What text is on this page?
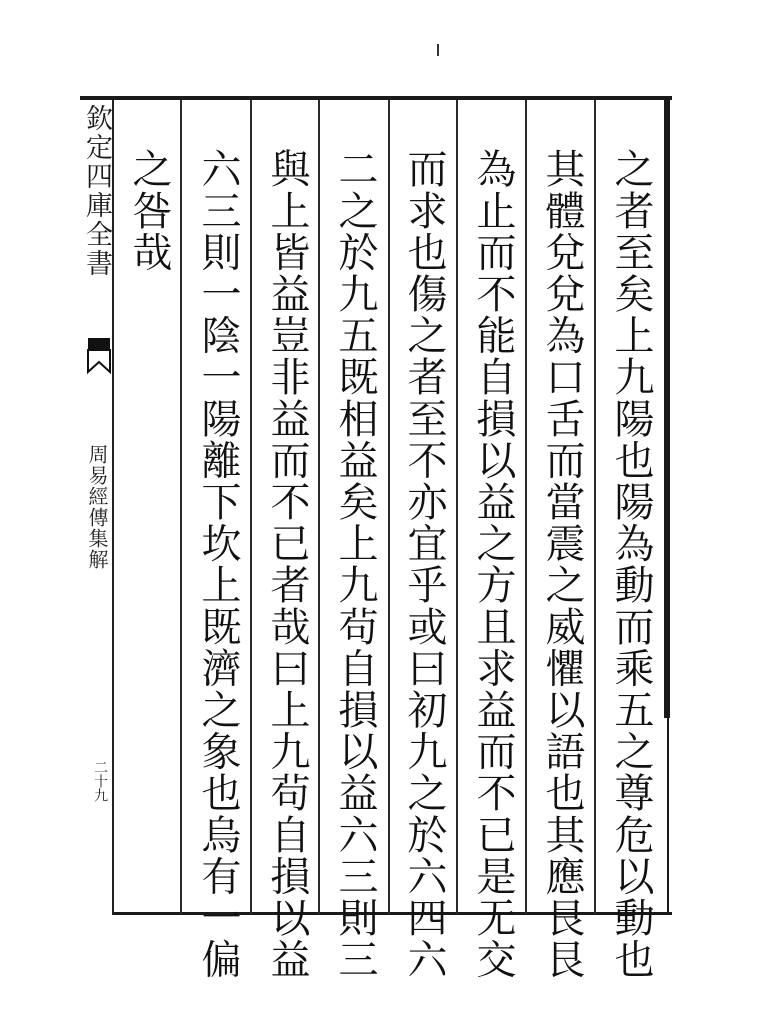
欽定四庫全書
周易經傳集解
二十九	之者至矣上九陽也陽為動而乘五之尊危以動也
其體兌兌為口舌而當震之威懼以語也其應艮艮
為止而不能自損以益之方且求益而不已是无交
而求也傷之者至不亦宜乎或曰初九之於六四六
二之於九五既相益矣上九茍自損以益六三則三
與上皆益豈非益而不已者哉曰上九茍自損以益
六三則一陰一陽離下坎上既濟之象也烏有一偏
之咎哉
